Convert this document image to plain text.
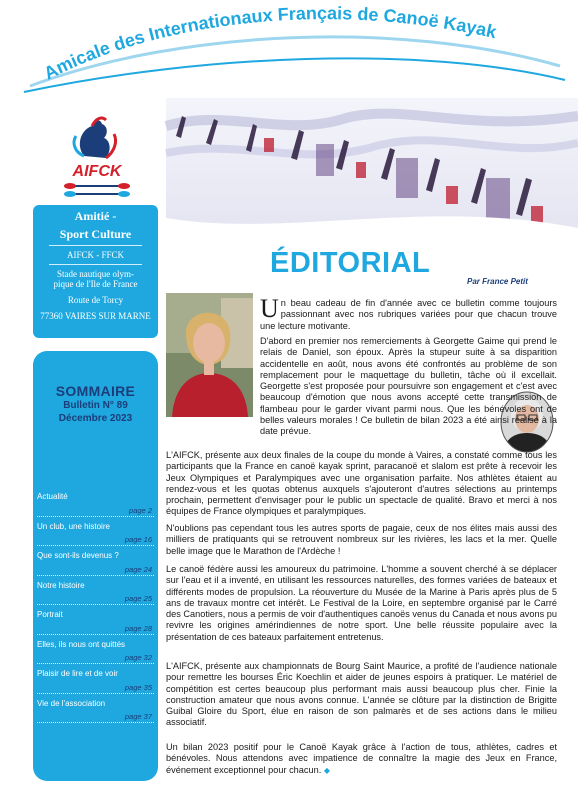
Amicale des Internationaux Français de Canoë Kayak
AIFCK
Amitié -
Sport Culture
AIFCK - FFCK
Stade nautique olym-
pique de l'Ile de France
Route de Torcy
77360 VAIRES SUR MARNE
SOMMAIRE
Bulletin N° 89
Décembre 2023
Actualité
page 2
Un club, une histoire
page 16
Que sont-ils devenus ?
page 24
Notre histoire
page 25
Portrait
page 28
Elles, ils nous ont quittés
page 32
Plaisir de lire et de voir
page 35
Vie de l'association
page 37
ÉDITORIAL
Par France Petit

Un beau cadeau de fin d'année avec ce bulletin comme toujours passionnant avec nos rubriques variées pour que chacun trouve une lecture motivante.

D'abord en premier nos remerciements à Georgette Gaime qui prend le relais de Daniel, son époux. Après la stupeur suite à sa disparition accidentelle en août, nous avons été confrontés au problème de son remplacement pour le maquettage du bulletin, tâche où il excellait. Georgette s'est proposée pour poursuivre son engagement et c'est avec beaucoup d'émotion que nous avons accepté cette transmission de flambeau pour le garder vivant parmi nous. Que les bénévoles ont de belles valeurs morales ! Ce bulletin de bilan 2023 a été ainsi réalisé à la date prévue.

L'AIFCK, présente aux deux finales de la coupe du monde à Vaires, a constaté comme tous les participants que la France en canoë kayak sprint, paracanoë et slalom est prête à recevoir les Jeux Olympiques et Paralympiques avec une organisation parfaite. Nos athlètes étaient au rendez-vous et les quotas obtenus auxquels s'ajouteront d'autres sélections au printemps prochain, permettent d'envisager pour le public un spectacle de qualité. Bravo et merci à nos équipes de France olympiques et paralympiques.

N'oublions pas cependant tous les autres sports de pagaie, ceux de nos élites mais aussi des milliers de pratiquants qui se retrouvent nombreux sur les rivières, les lacs et la mer. Quelle belle image que le Marathon de l'Ardèche !

Le canoë fédère aussi les amoureux du patrimoine. L'homme a souvent cherché à se déplacer sur l'eau et il a inventé, en utilisant les ressources naturelles, des formes variées de bateaux et différents modes de propulsion. La réouverture du Musée de la Marine à Paris après plus de 5 ans de travaux montre cet intérêt. Le Festival de la Loire, en septembre organisé par le Carré des Canotiers, nous a permis de voir d'authentiques canoës venus du Canada et nous avons pu revivre les origines amérindiennes de notre sport. Une belle réussite populaire avec la présentation de ces bateaux parfaitement entretenus.

L'AIFCK, présente aux championnats de Bourg Saint Maurice, a profité de l'audience nationale pour remettre les bourses Éric Koechlin et aider de jeunes espoirs à pratiquer. Le matériel de compétition est certes beaucoup plus performant mais aussi beaucoup plus cher. Finie la construction amateur que nous avons connue. L'année se clôture par la distinction de Brigitte Guibal Gloire du Sport, élue en raison de son palmarès et de ses actions dans le milieu associatif.

Un bilan 2023 positif pour le Canoë Kayak grâce à l'action de tous, athlètes, cadres et bénévoles. Nous attendons avec impatience de connaître la magie des Jeux en France, événement exceptionnel pour chacun. ◆
